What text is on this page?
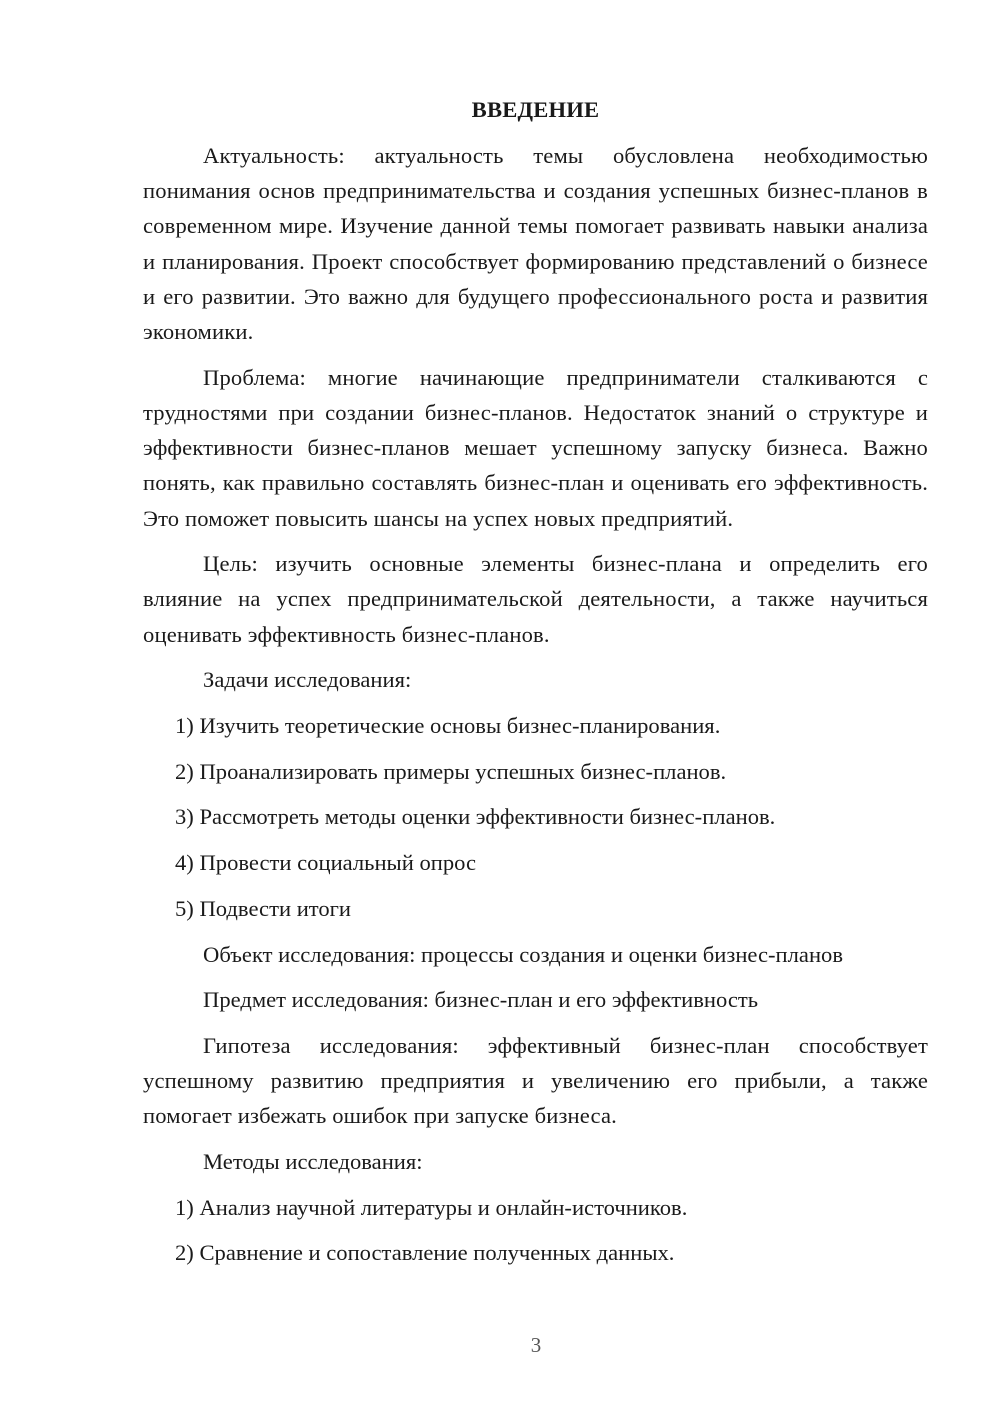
ВВЕДЕНИЕ

Актуальность: актуальность темы обусловлена необходимостью понимания основ предпринимательства и создания успешных бизнес-планов в современном мире. Изучение данной темы помогает развивать навыки анализа и планирования. Проект способствует формированию представлений о бизнесе и его развитии. Это важно для будущего профессионального роста и развития экономики.

Проблема: многие начинающие предприниматели сталкиваются с трудностями при создании бизнес-планов. Недостаток знаний о структуре и эффективности бизнес-планов мешает успешному запуску бизнеса. Важно понять, как правильно составлять бизнес-план и оценивать его эффективность. Это поможет повысить шансы на успех новых предприятий.

Цель: изучить основные элементы бизнес-плана и определить его влияние на успех предпринимательской деятельности, а также научиться оценивать эффективность бизнес-планов.

Задачи исследования:

1) Изучить теоретические основы бизнес-планирования.

2) Проанализировать примеры успешных бизнес-планов.

3) Рассмотреть методы оценки эффективности бизнес-планов.

4) Провести социальный опрос

5) Подвести итоги

Объект исследования: процессы создания и оценки бизнес-планов

Предмет исследования: бизнес-план и его эффективность

Гипотеза исследования: эффективный бизнес-план способствует успешному развитию предприятия и увеличению его прибыли, а также помогает избежать ошибок при запуске бизнеса.

Методы исследования:

1) Анализ научной литературы и онлайн-источников.

2) Сравнение и сопоставление полученных данных.

3
